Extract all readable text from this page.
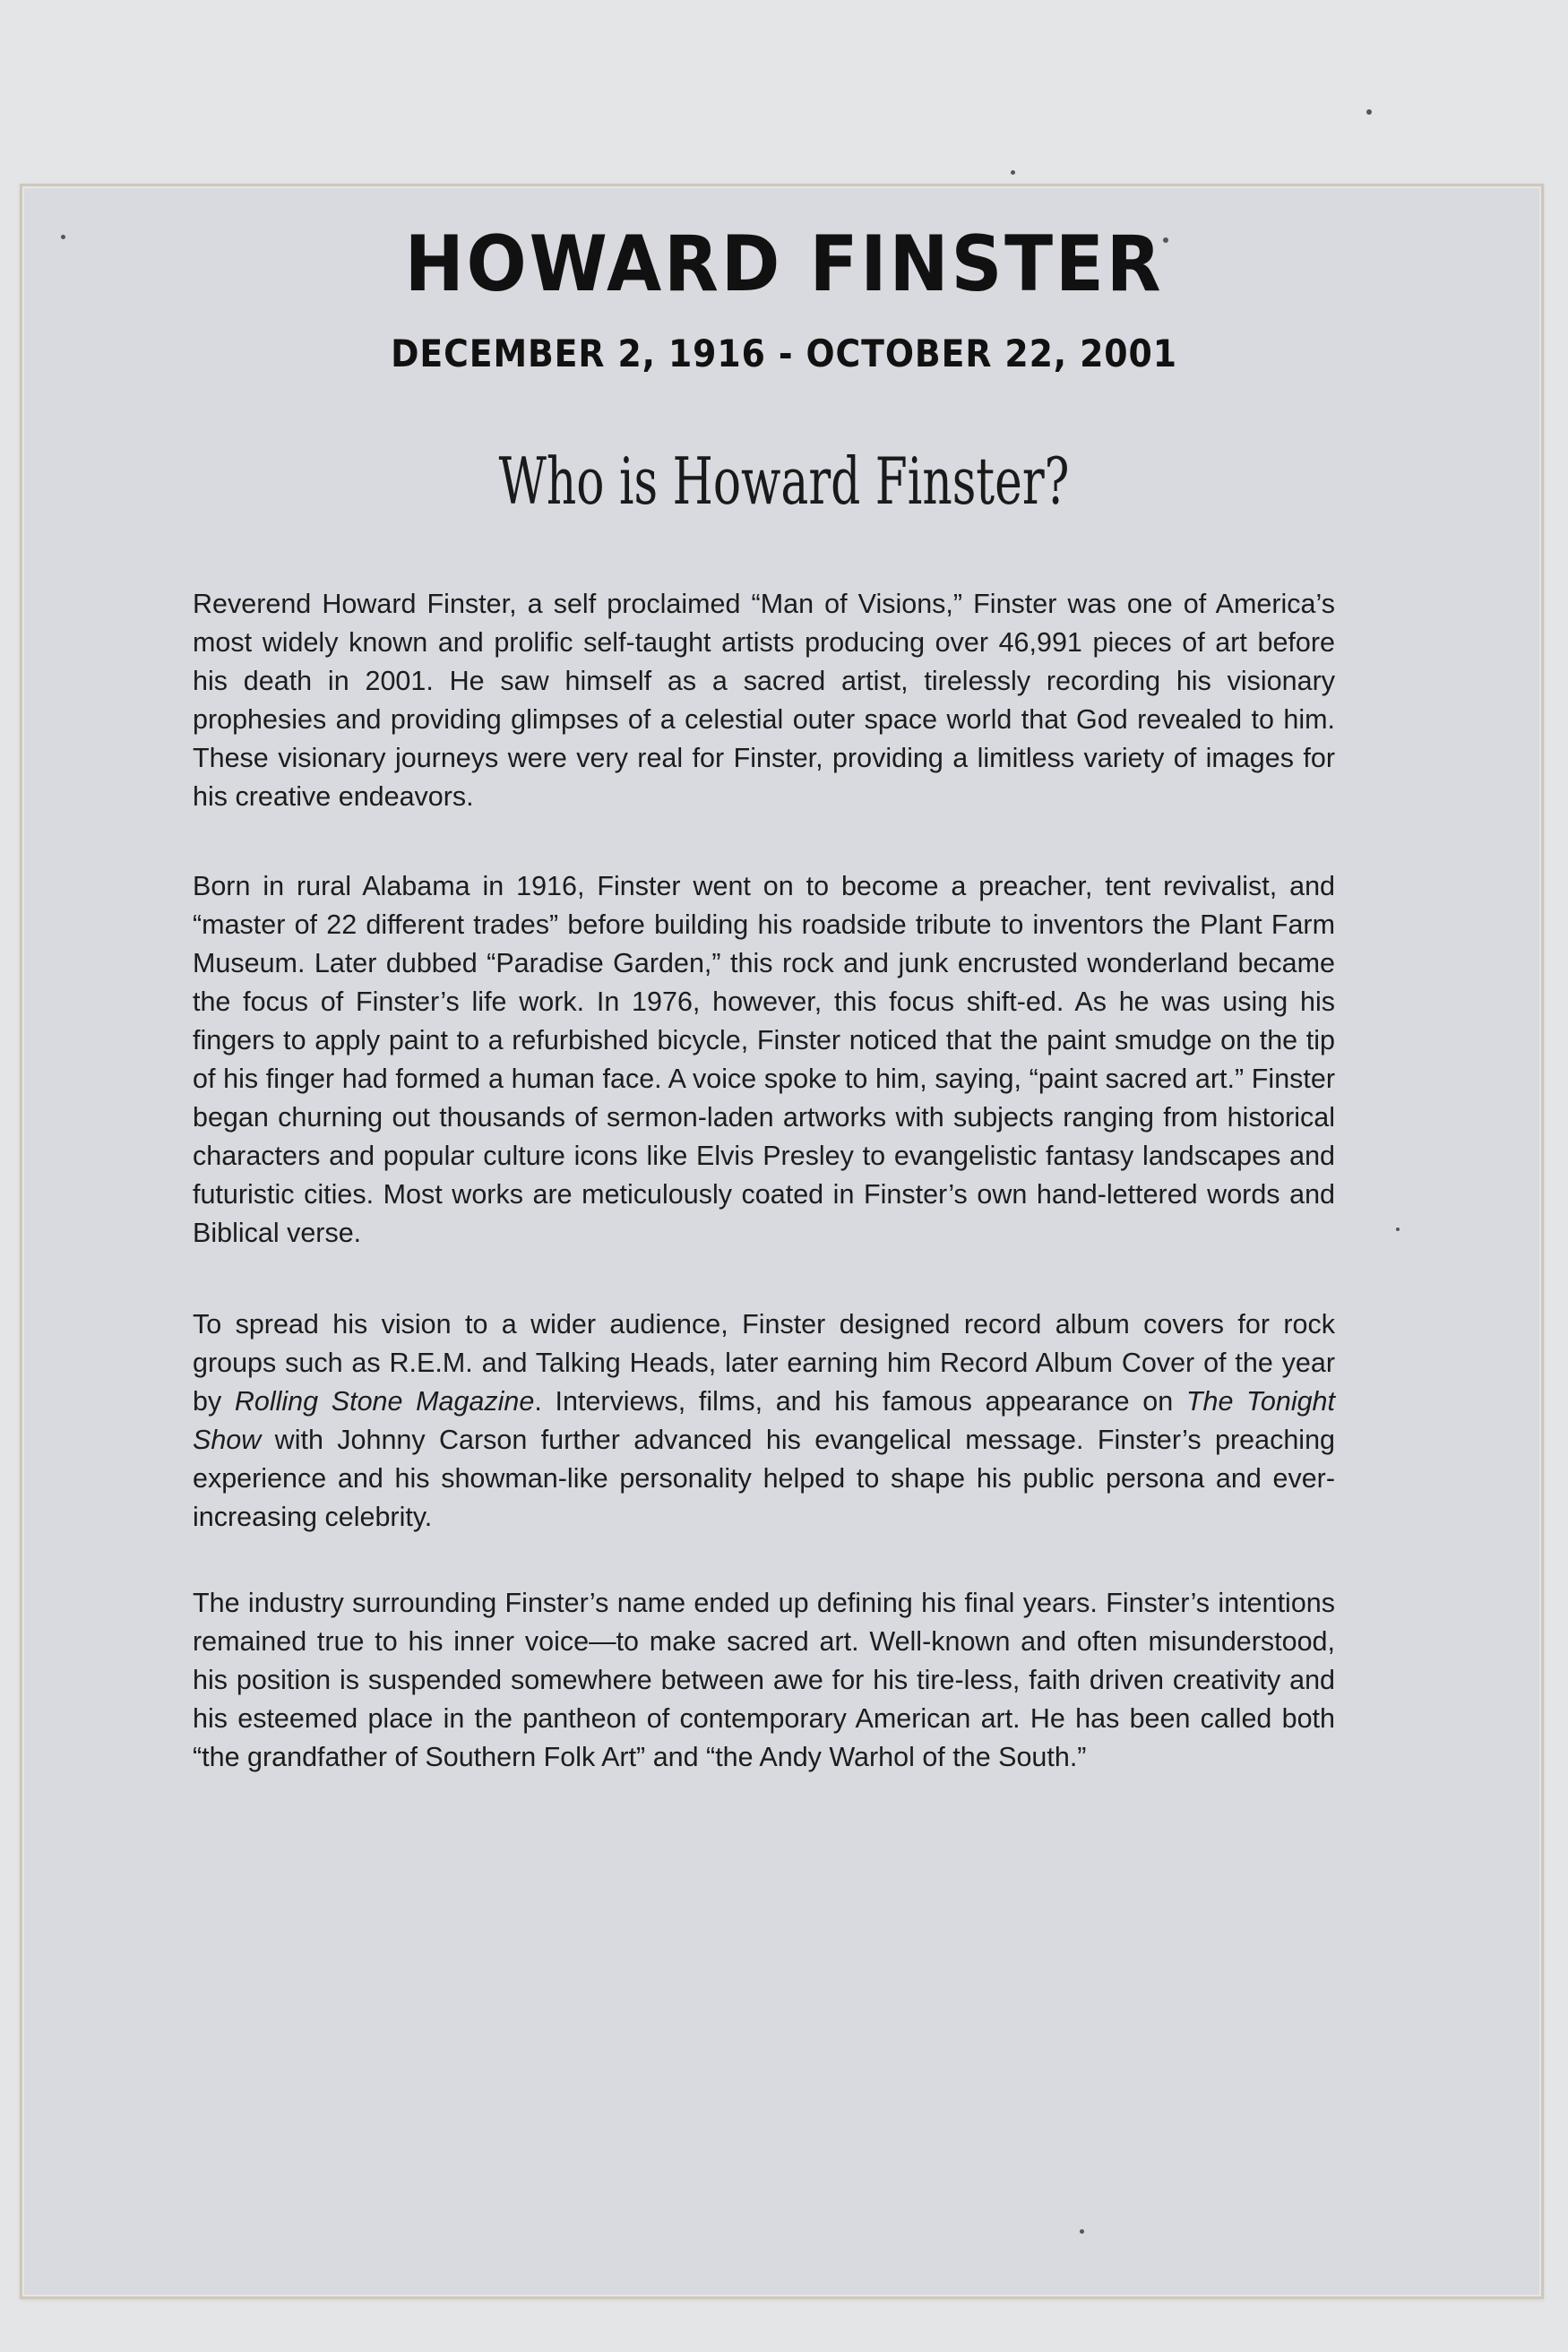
HOWARD FINSTER
DECEMBER 2, 1916 - OCTOBER 22, 2001
Who is Howard Finster?

Reverend Howard Finster, a self proclaimed “Man of Visions,” Finster was one of America’s most widely known and prolific self-taught artists producing over 46,991 pieces of art before his death in 2001. He saw himself as a sacred artist, tirelessly recording his visionary prophesies and providing glimpses of a celestial outer space world that God revealed to him. These visionary journeys were very real for Finster, providing a limitless variety of images for his creative endeavors.

Born in rural Alabama in 1916, Finster went on to become a preacher, tent revivalist, and “master of 22 different trades” before building his roadside tribute to inventors the Plant Farm Museum. Later dubbed “Paradise Garden,” this rock and junk encrusted wonderland became the focus of Finster’s life work. In 1976, however, this focus shift-ed. As he was using his fingers to apply paint to a refurbished bicycle, Finster noticed that the paint smudge on the tip of his finger had formed a human face. A voice spoke to him, saying, “paint sacred art.” Finster began churning out thousands of sermon-laden artworks with subjects ranging from historical characters and popular culture icons like Elvis Presley to evangelistic fantasy landscapes and futuristic cities. Most works are meticulously coated in Finster’s own hand-lettered words and Biblical verse.

To spread his vision to a wider audience, Finster designed record album covers for rock groups such as R.E.M. and Talking Heads, later earning him Record Album Cover of the year by Rolling Stone Magazine. Interviews, films, and his famous appearance on The Tonight Show with Johnny Carson further advanced his evangelical message. Finster’s preaching experience and his showman-like personality helped to shape his public persona and ever-increasing celebrity.

The industry surrounding Finster’s name ended up defining his final years. Finster’s intentions remained true to his inner voice—to make sacred art. Well-known and often misunderstood, his position is suspended somewhere between awe for his tire-less, faith driven creativity and his esteemed place in the pantheon of contemporary American art. He has been called both “the grandfather of Southern Folk Art” and “the Andy Warhol of the South.”
